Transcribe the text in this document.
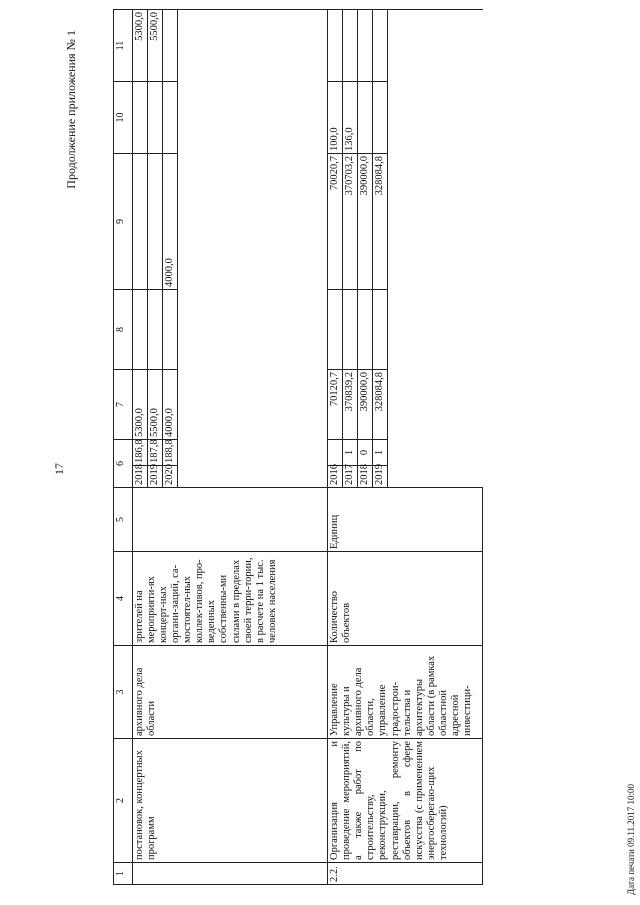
17
Продолжение приложения № 1
1	2	3	4	5	6		7	8	9	10	11
	постановок, концертных программ	архивного дела области	зрителей на мероприяти-ях концерт-ных органи-заций, са-мостоятел-ных коллек-тивов, про-веденных собственны-ми силами в пределах своей терри-тории, в расчете на 1 тыс. человек населения		2018	186,8	5300,0				5300,0
					2019	187,8	5500,0				5500,0
					2020	188,8	4000,0		4000,0		

2.2.	Организация и проведение мероприятий, а также работ по строительству, реконструкции, реставрации, ремонту объектов в сфере искусства (с применением энергосберегаю-щих технологий)	Управление культуры и архивного дела области, управление градострои-тельства и архитектуры области (в рамках областной адресной инвестици-	Количество объектов	Единиц	2016		70120,7		70020,7	100,0	
					2017	1	370839,2		370703,2	136,0	
					2018	0	390000,0		390000,0		
					2019	1	328084,8		328084,8		

Дата печати 09.11.2017 10:00
